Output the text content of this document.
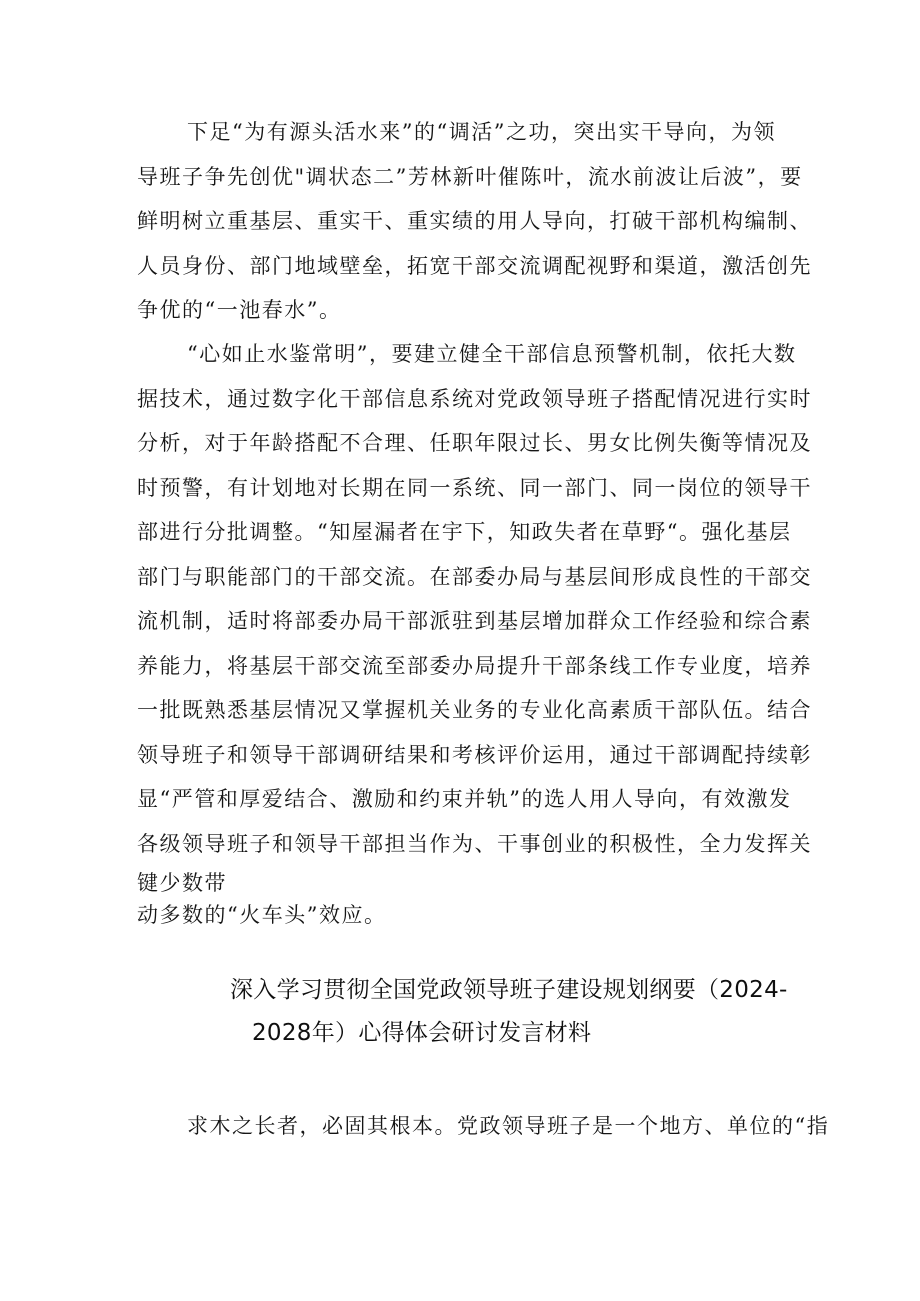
下足“为有源头活水来”的“调活”之功，突出实干导向，为领
导班子争先创优"调状态二”芳林新叶催陈叶，流水前波让后波”，要
鲜明树立重基层、重实干、重实绩的用人导向，打破干部机构编制、
人员身份、部门地域壁垒，拓宽干部交流调配视野和渠道，激活创先
争优的“一池春水”。
“心如止水鉴常明”，要建立健全干部信息预警机制，依托大数
据技术，通过数字化干部信息系统对党政领导班子搭配情况进行实时
分析，对于年龄搭配不合理、任职年限过长、男女比例失衡等情况及
时预警，有计划地对长期在同一系统、同一部门、同一岗位的领导干
部进行分批调整。“知屋漏者在宇下，知政失者在草野“。强化基层
部门与职能部门的干部交流。在部委办局与基层间形成良性的干部交
流机制，适时将部委办局干部派驻到基层增加群众工作经验和综合素
养能力，将基层干部交流至部委办局提升干部条线工作专业度，培养
一批既熟悉基层情况又掌握机关业务的专业化高素质干部队伍。结合
领导班子和领导干部调研结果和考核评价运用，通过干部调配持续彰
显“严管和厚爱结合、激励和约束并轨”的选人用人导向，有效激发
各级领导班子和领导干部担当作为、干事创业的积极性，全力发挥关
键少数带
动多数的“火车头”效应。
深入学习贯彻全国党政领导班子建设规划纲要（2024-
2028年）心得体会研讨发言材料
求木之长者，必固其根本。党政领导班子是一个地方、单位的“指
